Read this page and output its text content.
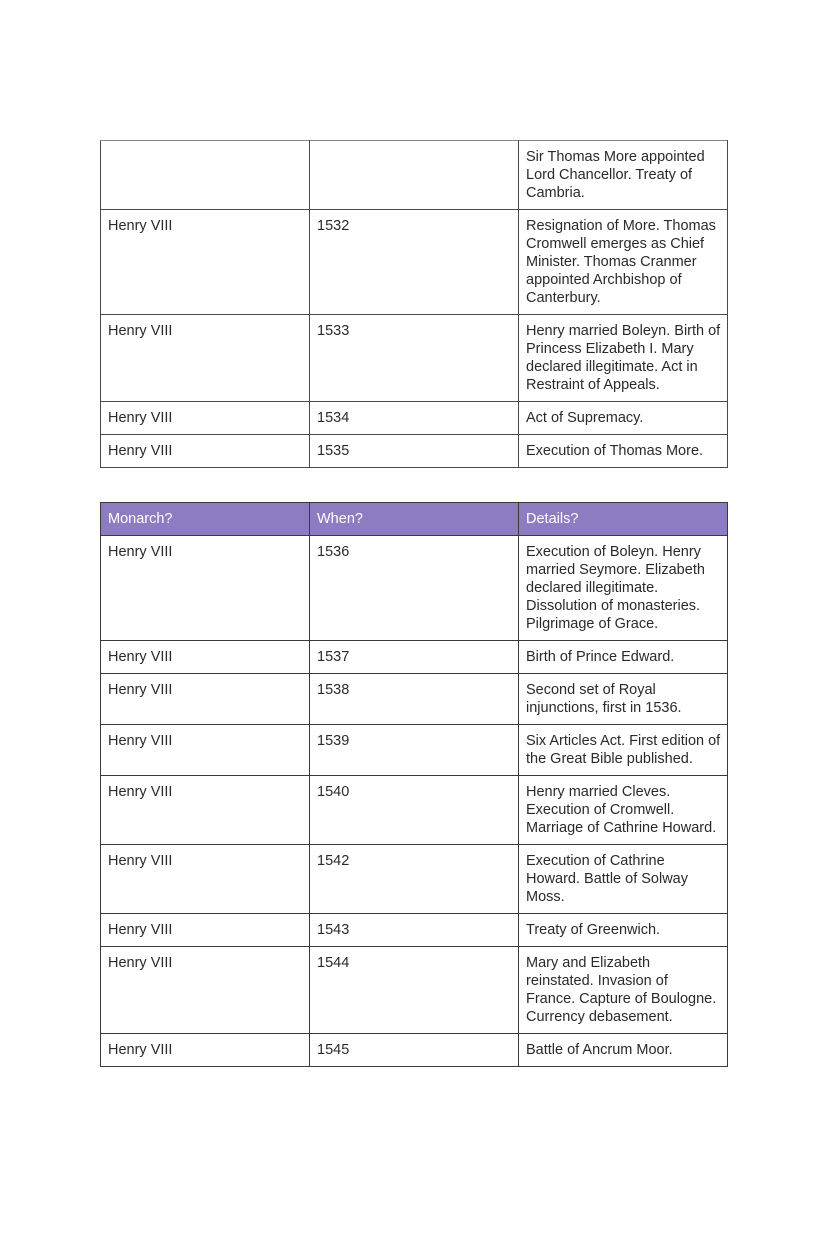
		Sir Thomas More appointed Lord Chancellor. Treaty of Cambria.
Henry VIII	1532	Resignation of More. Thomas Cromwell emerges as Chief Minister. Thomas Cranmer appointed Archbishop of Canterbury.
Henry VIII	1533	Henry married Boleyn. Birth of Princess Elizabeth I. Mary declared illegitimate. Act in Restraint of Appeals.
Henry VIII	1534	Act of Supremacy.
Henry VIII	1535	Execution of Thomas More.
Monarch?	When?	Details?
Henry VIII	1536	Execution of Boleyn. Henry married Seymore. Elizabeth declared illegitimate. Dissolution of monasteries. Pilgrimage of Grace.
Henry VIII	1537	Birth of Prince Edward.
Henry VIII	1538	Second set of Royal injunctions, first in 1536.
Henry VIII	1539	Six Articles Act. First edition of the Great Bible published.
Henry VIII	1540	Henry married Cleves. Execution of Cromwell. Marriage of Cathrine Howard.
Henry VIII	1542	Execution of Cathrine Howard. Battle of Solway Moss.
Henry VIII	1543	Treaty of Greenwich.
Henry VIII	1544	Mary and Elizabeth reinstated. Invasion of France. Capture of Boulogne. Currency debasement.
Henry VIII	1545	Battle of Ancrum Moor.
